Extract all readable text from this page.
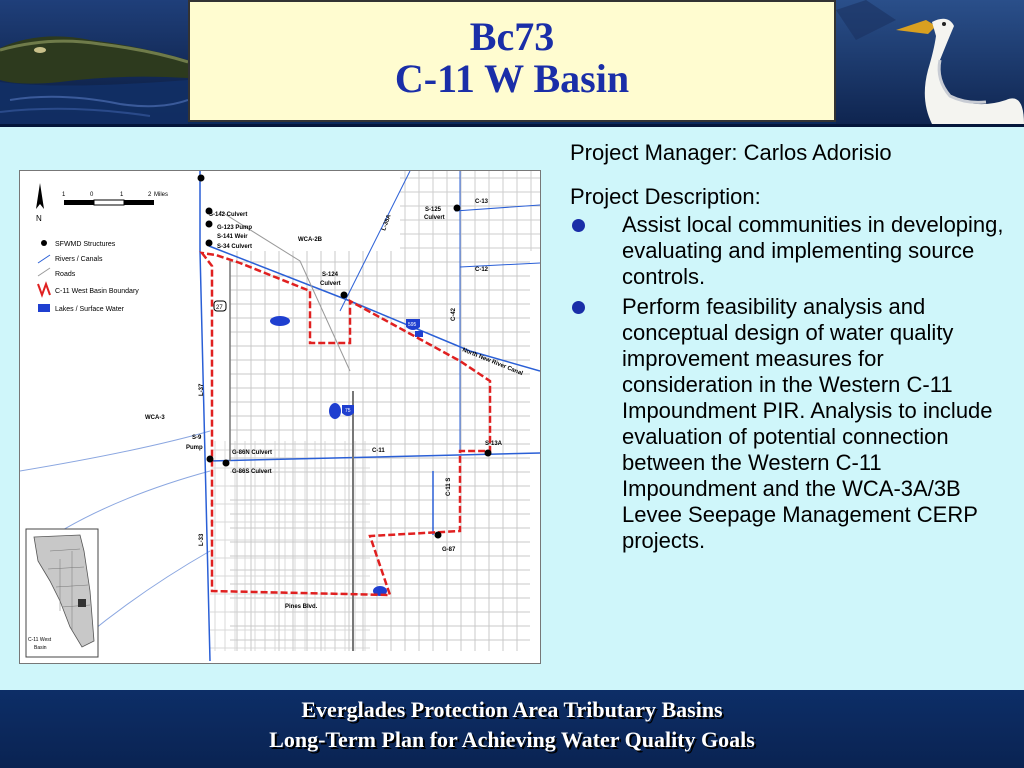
Bc73
C-11 W Basin
1	0	1	2 Miles
N
SFWMD Structures
Rivers / Canals
Roads
C-11 West Basin Boundary
Lakes / Surface Water
595
75
27
S-142 Culvert
G-123 Pump
S-141 Weir
S-34 Culvert
WCA-2B
S-125
Culvert
C-13
L-35A
C-12
S-124
Culvert
C-42
North New River Canal
L-37
WCA-3
S-9
Pump
G-86N Culvert
G-86S Culvert
C-11
S-13A
C-11 S
G-87
L-33
Pines Blvd.
C-11 West
Basin

Project Manager: Carlos Adorisio

Project Description:

Assist local communities in developing, evaluating and implementing source controls.
Perform feasibility analysis and conceptual design of water quality improvement measures for consideration in the Western C-11 Impoundment PIR. Analysis to include evaluation of potential connection between the Western C-11 Impoundment and the WCA-3A/3B Levee Seepage Management CERP projects.
Everglades Protection Area Tributary Basins
Long-Term Plan for Achieving Water Quality Goals
